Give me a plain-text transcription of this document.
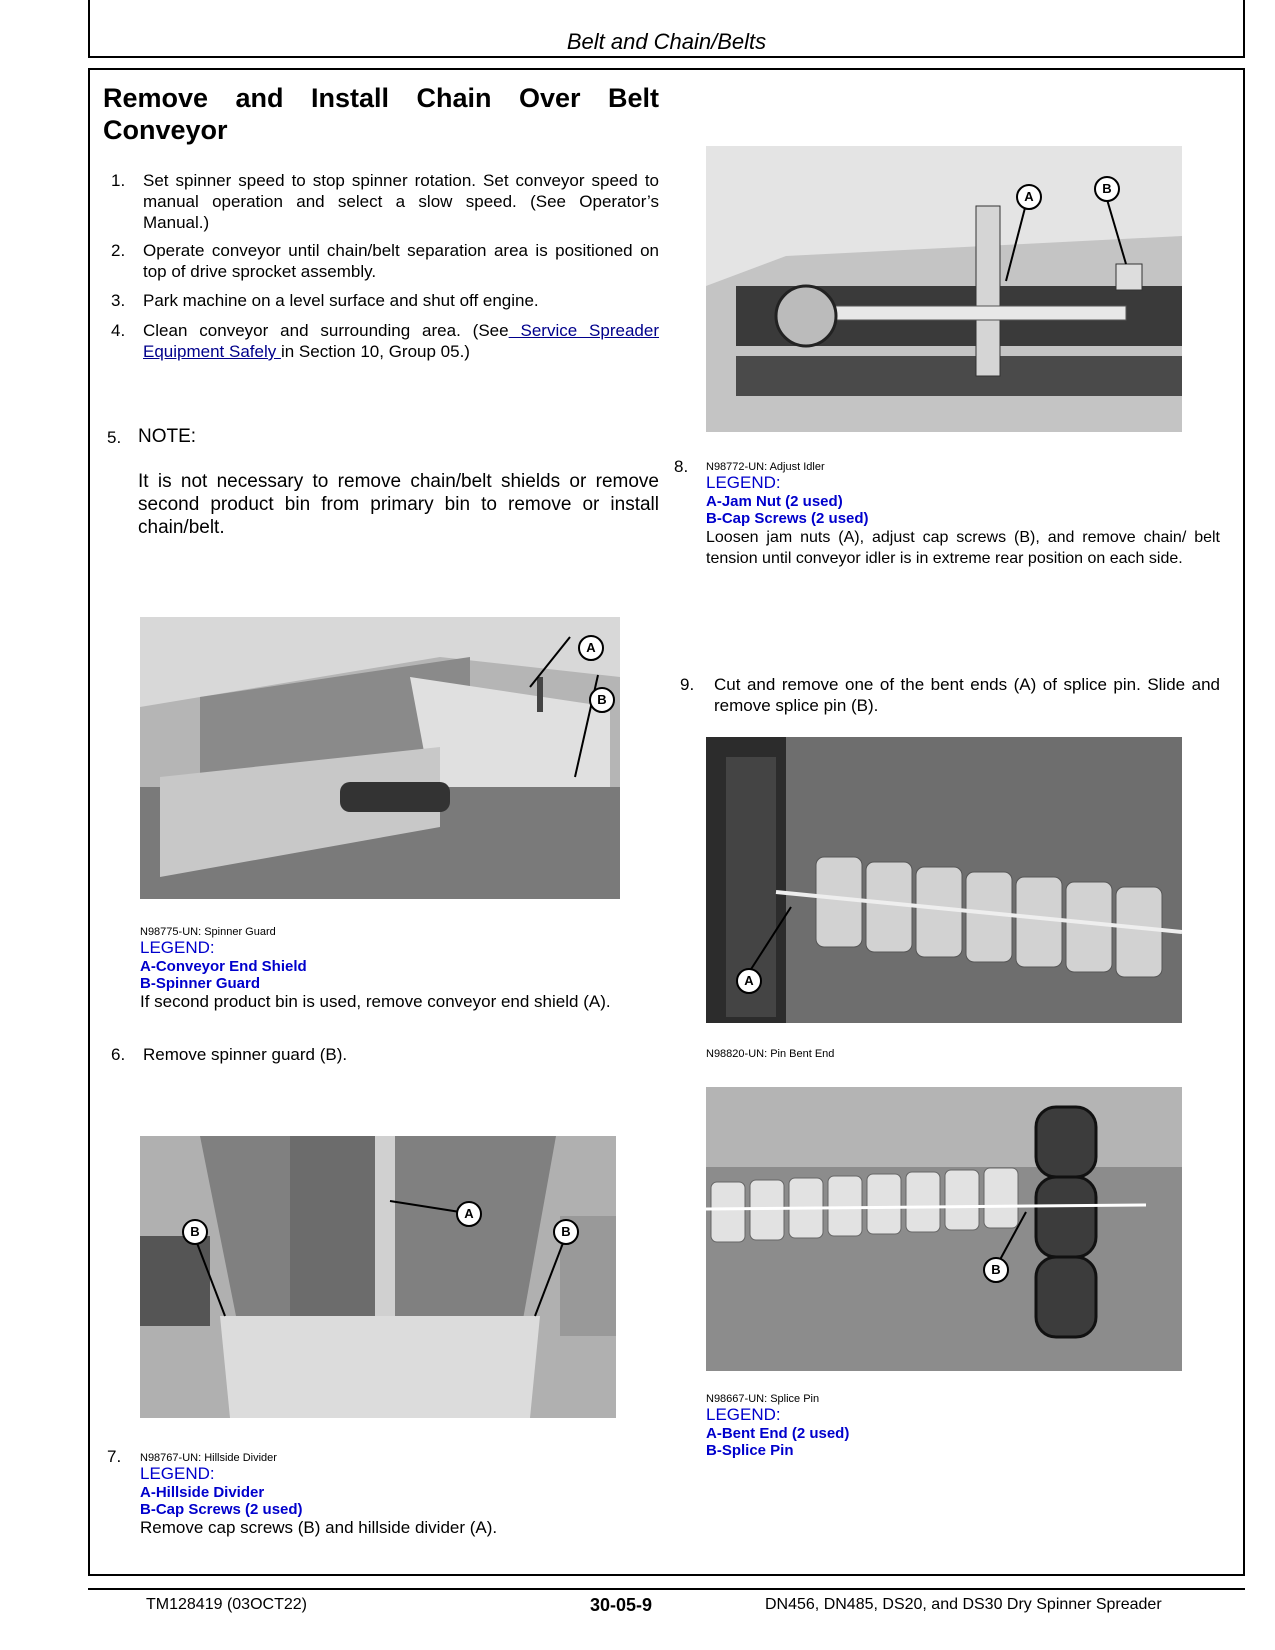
Belt and Chain/Belts
Remove and Install Chain Over Belt Conveyor
1. Set spinner speed to stop spinner rotation. Set conveyor speed to manual operation and select a slow speed. (See Operator’s Manual.)
2. Operate conveyor until chain/belt separation area is positioned on top of drive sprocket assembly.
3. Park machine on a level surface and shut off engine.
4. Clean conveyor and surrounding area. (See Service Spreader Equipment Safely in Section 10, Group 05.)
5. NOTE:
It is not necessary to remove chain/belt shields or remove second product bin from primary bin to remove or install chain/belt.
A
B
N98775-UN: Spinner Guard
LEGEND:
A-Conveyor End Shield
B-Spinner Guard
If second product bin is used, remove conveyor end shield (A).
6. Remove spinner guard (B).
A
B	B
7. N98767-UN: Hillside Divider
LEGEND:
A-Hillside Divider
B-Cap Screws (2 used)
Remove cap screws (B) and hillside divider (A).
A
B
8. N98772-UN: Adjust Idler
LEGEND:
A-Jam Nut (2 used)
B-Cap Screws (2 used)
Loosen jam nuts (A), adjust cap screws (B), and remove chain/ belt tension until conveyor idler is in extreme rear position on each side.
9. Cut and remove one of the bent ends (A) of splice pin. Slide and remove splice pin (B).
A
N98820-UN: Pin Bent End
B
N98667-UN: Splice Pin
LEGEND:
A-Bent End (2 used)
B-Splice Pin
TM128419 (03OCT22)	30-05-9	DN456, DN485, DS20, and DS30 Dry Spinner Spreader
